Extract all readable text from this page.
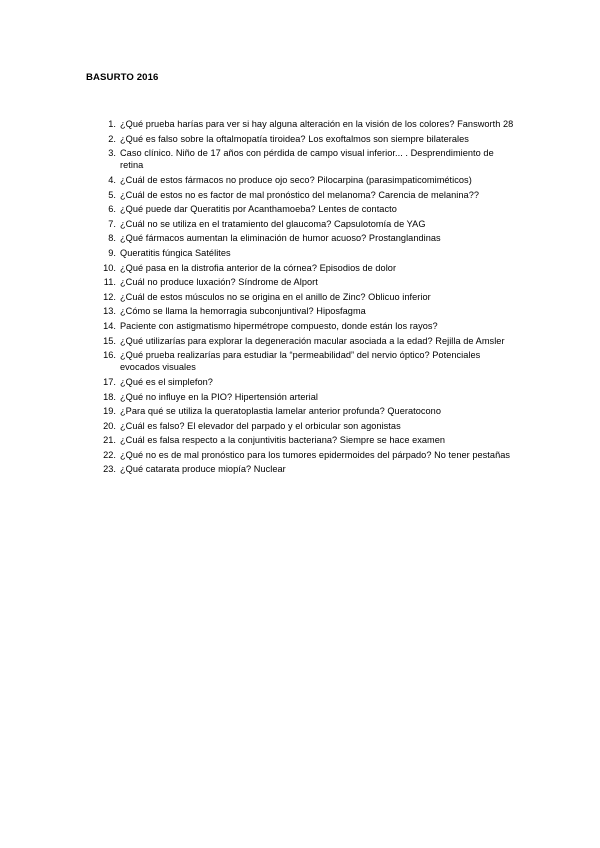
BASURTO 2016
1. ¿Qué prueba harías para ver si hay alguna alteración en la visión de los colores? Fansworth 28
2. ¿Qué es falso sobre la oftalmopatía tiroidea? Los exoftalmos son siempre bilaterales
3. Caso clínico. Niño de 17 años con pérdida de campo visual inferior... . Desprendimiento de retina
4. ¿Cuál de estos fármacos no produce ojo seco? Pilocarpina (parasimpaticomiméticos)
5. ¿Cuál de estos no es factor de mal pronóstico del melanoma? Carencia de melanina??
6. ¿Qué puede dar Queratitis por Acanthamoeba? Lentes de contacto
7. ¿Cuál no se utiliza en el tratamiento del glaucoma? Capsulotomía de YAG
8. ¿Qué fármacos aumentan la eliminación de humor acuoso? Prostanglandinas
9. Queratitis fúngica Satélites
10. ¿Qué pasa en la distrofia anterior de la córnea? Episodios de dolor
11. ¿Cuál no produce luxación? Síndrome de Alport
12. ¿Cuál de estos músculos no se origina en el anillo de Zinc? Oblicuo inferior
13. ¿Cómo se llama la hemorragia subconjuntival? Hiposfagma
14. Paciente con astigmatismo hipermétrope compuesto, donde están los rayos?
15. ¿Qué utilizarías para explorar la degeneración macular asociada a la edad? Rejilla de Amsler
16. ¿Qué prueba realizarías para estudiar la “permeabilidad” del nervio óptico? Potenciales evocados visuales
17. ¿Qué es el simplefon?
18. ¿Qué no influye en la PIO? Hipertensión arterial
19. ¿Para qué se utiliza la queratoplastia lamelar anterior profunda? Queratocono
20. ¿Cuál es falso? El elevador del parpado y el orbicular son agonistas
21. ¿Cuál es falsa respecto a la conjuntivitis bacteriana? Siempre se hace examen
22. ¿Qué no es de mal pronóstico para los tumores epidermoides del párpado? No tener pestañas
23. ¿Qué catarata produce miopía? Nuclear
